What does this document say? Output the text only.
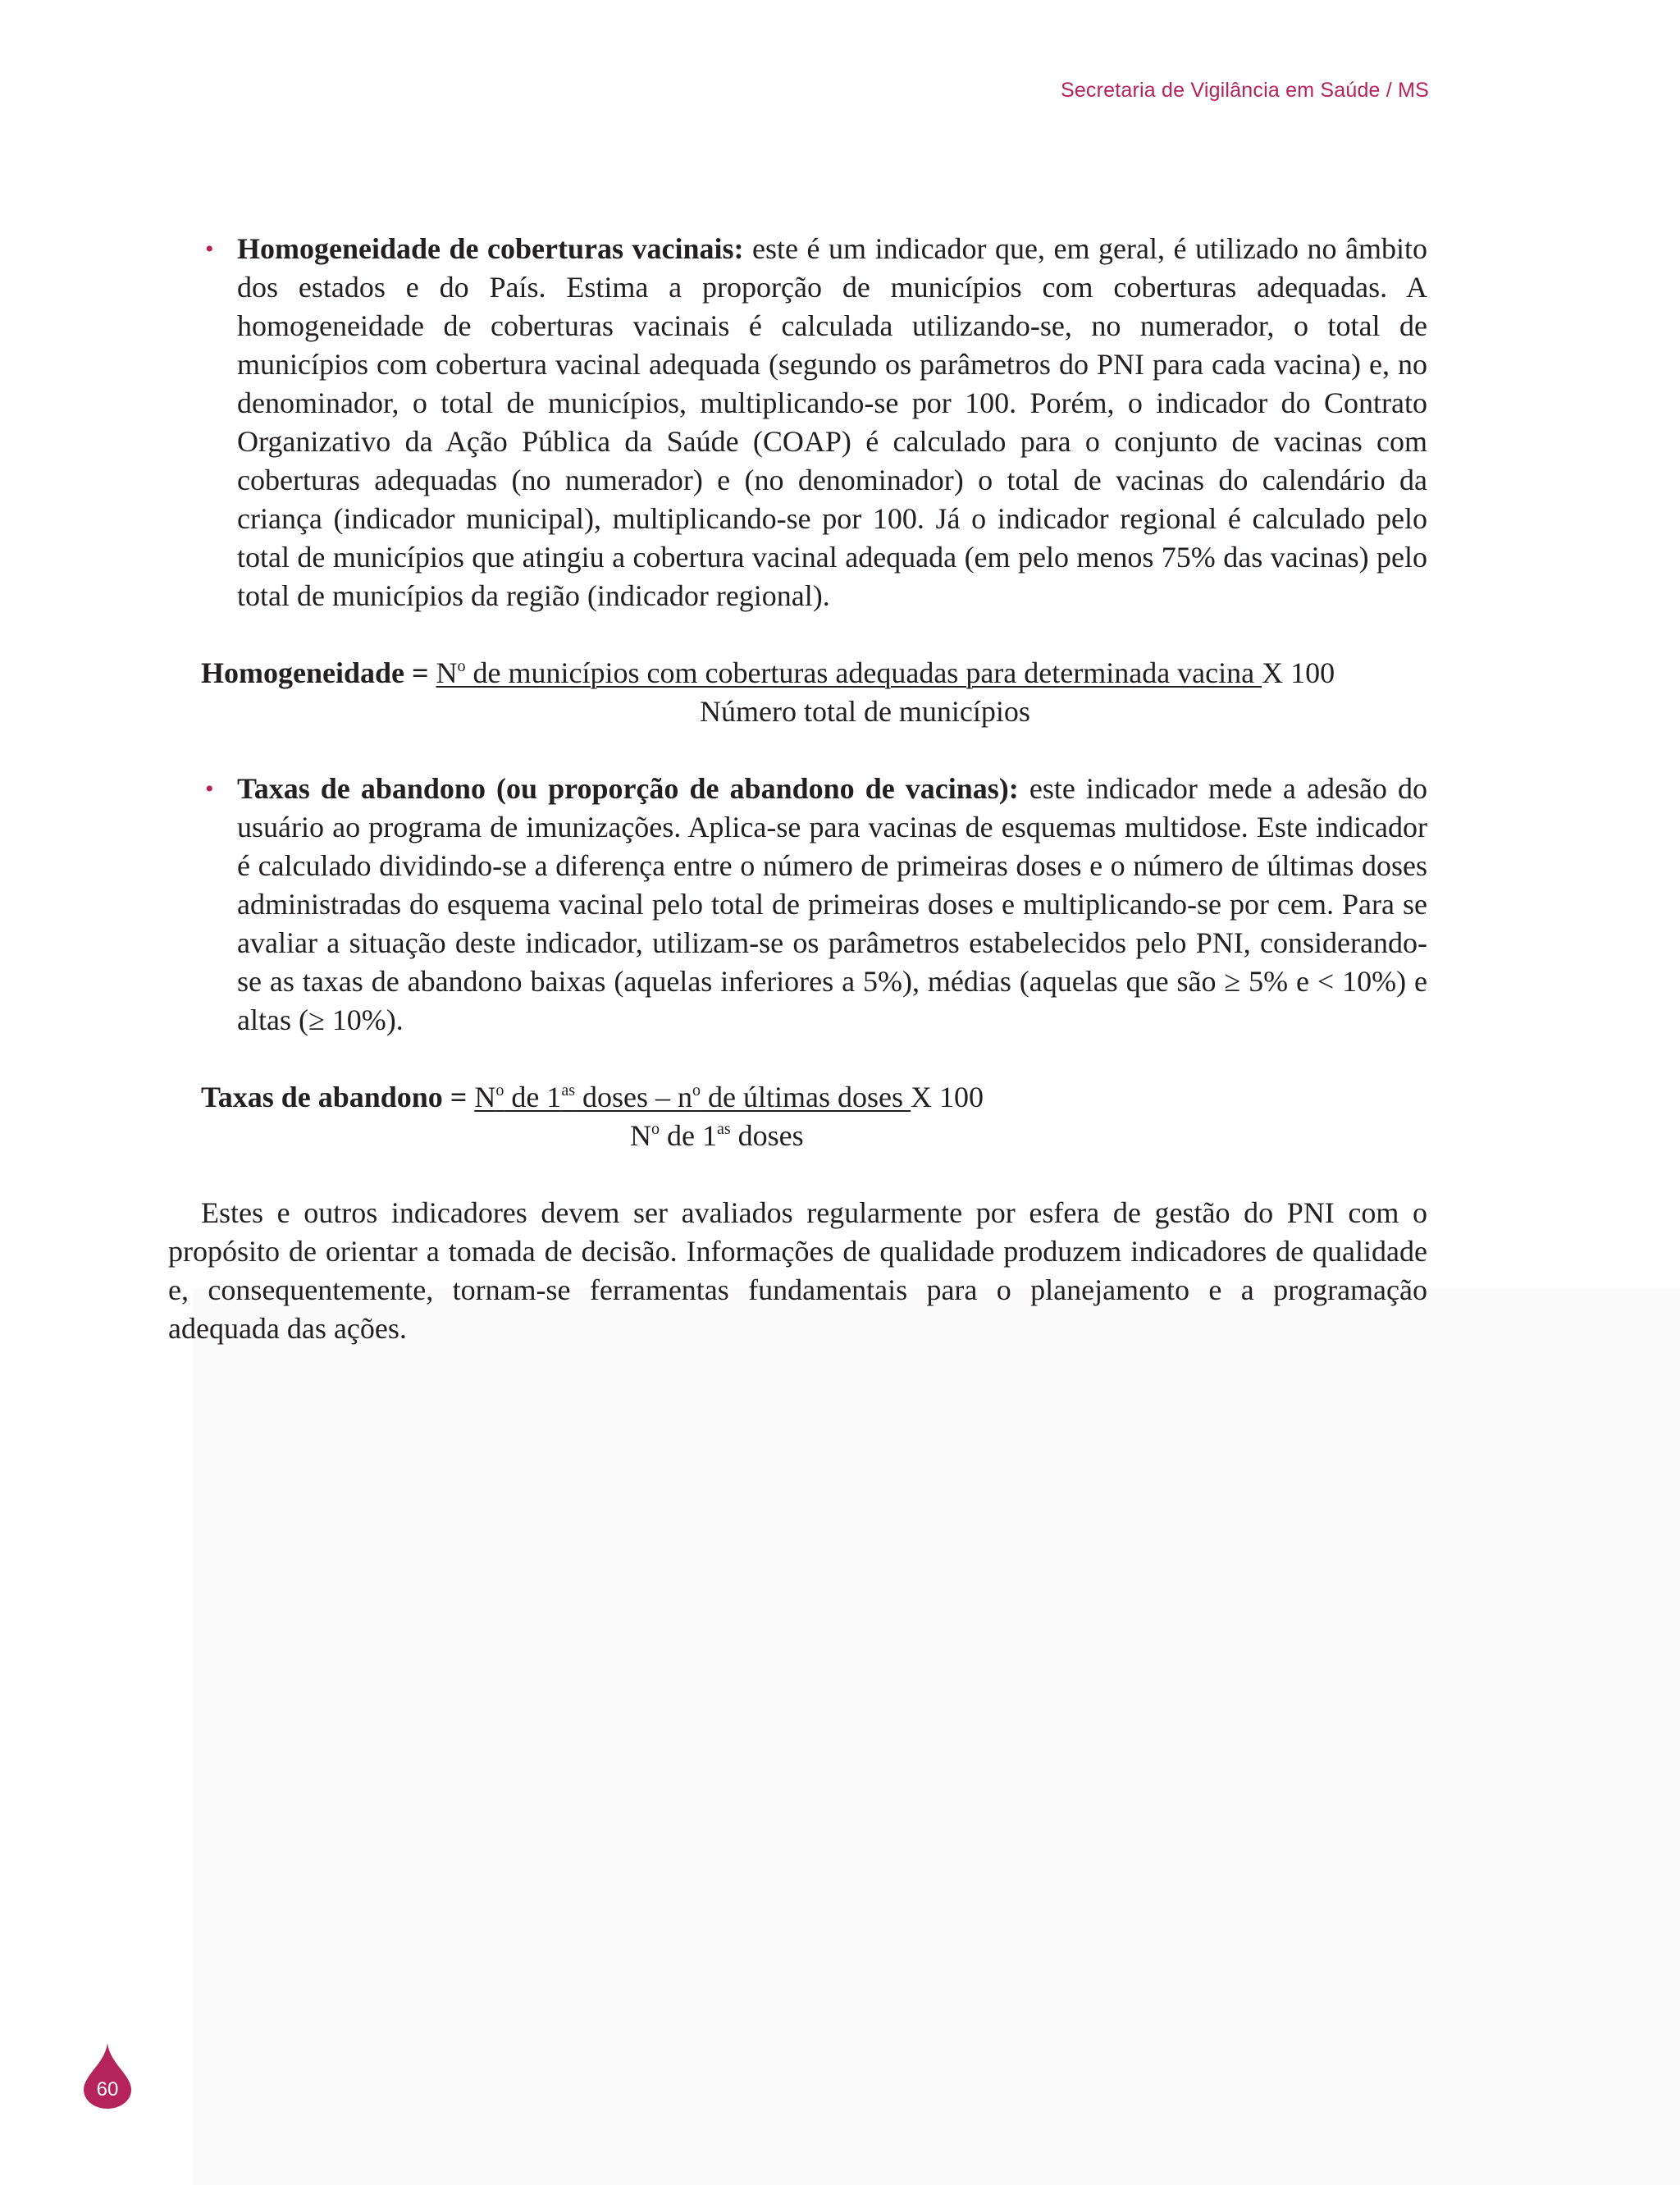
Secretaria de Vigilância em Saúde / MS
• Homogeneidade de coberturas vacinais: este é um indicador que, em geral, é utilizado no âmbito dos estados e do País. Estima a proporção de municípios com coberturas adequadas. A homogeneidade de coberturas vacinais é calculada utilizando-se, no numerador, o total de municípios com cobertura vacinal adequada (segundo os parâmetros do PNI para cada vacina) e, no denominador, o total de municípios, multiplicando-se por 100. Porém, o indicador do Contrato Organizativo da Ação Pública da Saúde (COAP) é calculado para o conjunto de vacinas com coberturas adequadas (no numerador) e (no denominador) o total de vacinas do calendário da criança (indicador municipal), multiplicando-se por 100. Já o indicador regional é calculado pelo total de municípios que atingiu a cobertura vacinal adequada (em pelo menos 75% das vacinas) pelo total de municípios da região (indicador regional).

Homogeneidade = $N^o$ de municípios com coberturas adequadas para determinada vacina X 100
Número total de municípios
• Taxas de abandono (ou proporção de abandono de vacinas): este indicador mede a adesão do usuário ao programa de imunizações. Aplica-se para vacinas de esquemas multidose. Este indicador é calculado dividindo-se a diferença entre o número de primeiras doses e o número de últimas doses administradas do esquema vacinal pelo total de primeiras doses e multiplicando-se por cem. Para se avaliar a situação deste indicador, utilizam-se os parâmetros estabelecidos pelo PNI, considerando-se as taxas de abandono baixas (aquelas inferiores a 5%), médias (aquelas que são ≥ 5% e < 10%) e altas (≥ 10%).

Taxas de abandono = $N^o$ de $1^{as}$ doses – $n^o$ de últimas doses X 100
$N^o$ de $1^{as}$ doses

Estes e outros indicadores devem ser avaliados regularmente por esfera de gestão do PNI com o propósito de orientar a tomada de decisão. Informações de qualidade produzem indicadores de qualidade e, consequentemente, tornam-se ferramentas fundamentais para o planejamento e a programação adequada das ações.

60
